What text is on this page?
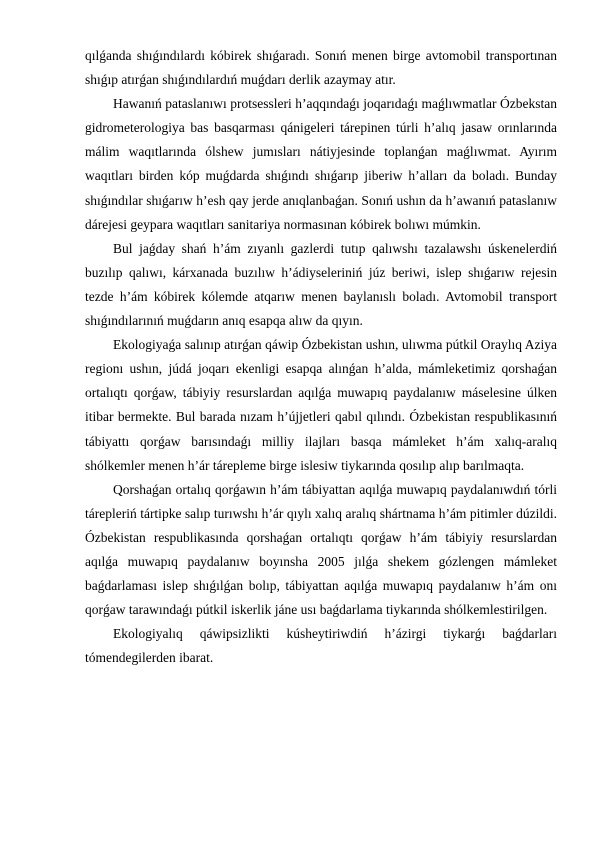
qılǵanda shıǵındılardı kóbirek shıǵaradı. Sonıń menen birge avtomobil transportınan shıǵıp atırǵan shıǵındılardıń muǵdarı derlik azaymay atır.

Hawanıń pataslanıwı protsessleri h’aqqındaǵı joqarıdaǵı maǵlıwmatlar Ózbekstan gidrometerologiya bas basqarması qánigeleri tárepinen túrli h’alıq jasaw orınlarında málim waqıtlarında ólshew jumısları nátiyjesinde toplanǵan maǵlıwmat. Ayırım waqıtları birden kóp muǵdarda shıǵındı shıǵarıp jiberiw h’alları da boladı. Bunday shıǵındılar shıǵarıw h’esh qay jerde anıqlanbaǵan. Sonıń ushın da h’awanıń pataslanıw dárejesi geypara waqıtları sanitariya normasınan kóbirek bolıwı múmkin.

Bul jaǵday shań h’ám zıyanlı gazlerdi tutıp qalıwshı tazalawshı úskenelerdiń buzılıp qalıwı, kárxanada buzılıw h’ádiyseleriniń júz beriwi, islep shıǵarıw rejesin tezde h’ám kóbirek kólemde atqarıw menen baylanıslı boladı. Avtomobil transport shıǵındılarınıń muǵdarın anıq esapqa alıw da qıyın.

Ekologiyaǵa salınıp atırǵan qáwip Ózbekistan ushın, ulıwma pútkil Oraylıq Aziya regionı ushın, júdá joqarı ekenligi esapqa alınǵan h’alda, mámleketimiz qorshaǵan ortalıqtı qorǵaw, tábiyiy resurslardan aqılǵa muwapıq paydalanıw máselesine úlken itibar bermekte. Bul barada nızam h’újjetleri qabıl qılındı. Ózbekistan respublikasınıń tábiyattı qorǵaw barısındaǵı milliy ilajları basqa mámleket h’ám xalıq-aralıq shólkemler menen h’ár tárepleme birge islesiw tiykarında qosılıp alıp barılmaqta.

Qorshaǵan ortalıq qorǵawın h’ám tábiyattan aqılǵa muwapıq paydalanıwdıń tórli tárepleriń tártipke salıp turıwshı h’ár qıylı xalıq aralıq shártnama h’ám pitimler dúzildi. Ózbekistan respublikasında qorshaǵan ortalıqtı qorǵaw h’ám tábiyiy resurslardan aqılǵa muwapıq paydalanıw boyınsha 2005 jılǵa shekem gózlengen mámleket baǵdarlaması islep shıǵılǵan bolıp, tábiyattan aqılǵa muwapıq paydalanıw h’ám onı qorǵaw tarawındaǵı pútkil iskerlik jáne usı baǵdarlama tiykarında shólkemlestirilgen.

Ekologiyalıq qáwipsizlikti kúsheytiriwdiń h’ázirgi tiykarǵı baǵdarları tómendegilerden ibarat.
